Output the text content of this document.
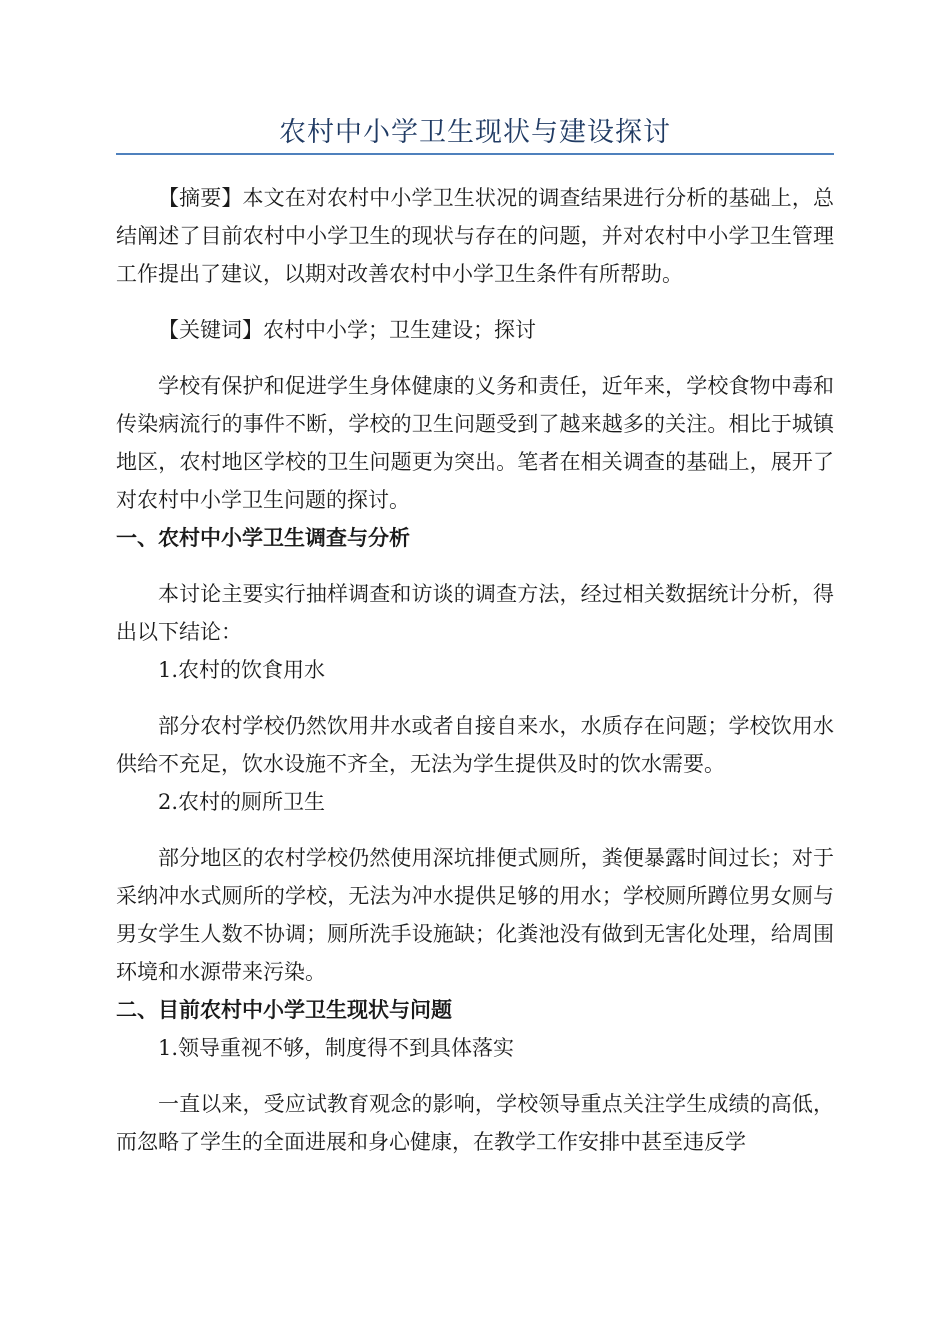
农村中小学卫生现状与建设探讨

【摘要】本文在对农村中小学卫生状况的调查结果进行分析的基础上，总结阐述了目前农村中小学卫生的现状与存在的问题，并对农村中小学卫生管理工作提出了建议，以期对改善农村中小学卫生条件有所帮助。

【关键词】农村中小学；卫生建设；探讨

学校有保护和促进学生身体健康的义务和责任，近年来，学校食物中毒和传染病流行的事件不断，学校的卫生问题受到了越来越多的关注。相比于城镇地区，农村地区学校的卫生问题更为突出。笔者在相关调查的基础上，展开了对农村中小学卫生问题的探讨。

一、农村中小学卫生调查与分析

本讨论主要实行抽样调查和访谈的调查方法，经过相关数据统计分析，得出以下结论：

1.农村的饮食用水

部分农村学校仍然饮用井水或者自接自来水，水质存在问题；学校饮用水供给不充足，饮水设施不齐全，无法为学生提供及时的饮水需要。

2.农村的厕所卫生

部分地区的农村学校仍然使用深坑排便式厕所，粪便暴露时间过长；对于采纳冲水式厕所的学校，无法为冲水提供足够的用水；学校厕所蹲位男女厕与男女学生人数不协调；厕所洗手设施缺；化粪池没有做到无害化处理，给周围环境和水源带来污染。

二、目前农村中小学卫生现状与问题

1.领导重视不够，制度得不到具体落实

一直以来，受应试教育观念的影响，学校领导重点关注学生成绩的高低，而忽略了学生的全面进展和身心健康，在教学工作安排中甚至违反学
